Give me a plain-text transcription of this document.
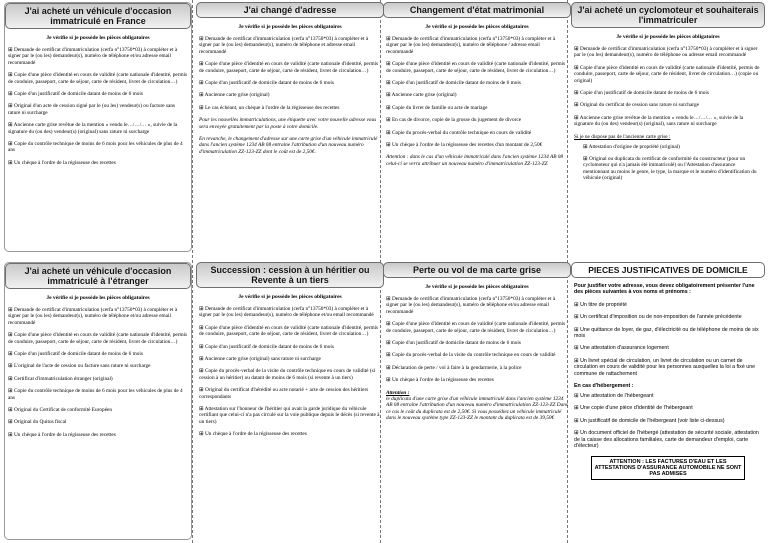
J'ai acheté un véhicule d'occasion immatriculé en France
Je vérifie si je possède les pièces obligatoires
⊞ Demande de certificat d'immatriculation (cerfa n°13750*03) à compléter et à signer par le (ou les) demandeur(s), numéro de téléphone et/ou adresse email recommandé
⊞ Copie d'une pièce d'identité en cours de validité (carte nationale d'identité, permis de conduire, passeport, carte de séjour, carte de résident, livret de circulation…)
⊞ Copie d'un justificatif de domicile datant de moins de 6 mois
⊞ Original d'un acte de cession signé par le (ou les) vendeur(s) ou facture sans rature ni surcharge
⊞ Ancienne carte grise revêtue de la mention « vendu le…/…/… », suivie de la signature du (ou des) vendeur(s) (original) sans rature ni surcharge
⊞ Copie du contrôle technique de moins de 6 mois pour les véhicules de plus de 4 ans
⊞ Un chèque à l'ordre de la régisseuse des recettes
J'ai acheté un véhicule d'occasion immatriculé à l'étranger
Je vérifie si je possède les pièces obligatoires
⊞ Demande de certificat d'immatriculation (cerfa n°13750*03) à compléter et à signer par le (ou les) demandeur(s), numéro de téléphone et/ou adresse email recommandé
⊞ Copie d'une pièce d'identité en cours de validité (carte nationale d'identité, permis de conduire, passeport, carte de séjour, carte de résident, livret de circulation…)
⊞ Copie d'un justificatif de domicile datant de moins de 6 mois
⊞ L'original de l'acte de cession ou facture sans rature ni surcharge
⊞ Certificat d'immatriculation étranger (original)
⊞ Copie du contrôle technique de moins de 6 mois pour les véhicules de plus de 4 ans
⊞ Original du Certificat de conformité Européen
⊞ Original du Quitus fiscal
⊞ Un chèque à l'ordre de la régisseuse des recettes
J'ai changé d'adresse
Je vérifie si je possède les pièces obligatoires
⊞ Demande de certificat d'immatriculation (cerfa n°13750*03) à compléter et à signer par le (ou les) demandeur(s), numéro de téléphone et adresse email recommandé
⊞ Copie d'une pièce d'identité en cours de validité (carte nationale d'identité, permis de conduire, passeport, carte de séjour, carte de résident, livret de circulation…)
⊞ Copie d'un justificatif de domicile datant de moins de 6 mois
⊞ Ancienne carte grise (original)
⊞ Le cas échéant, un chèque à l'ordre de la régisseuse des recettes
Pour les nouvelles immatriculations, une étiquette avec votre nouvelle adresse vous sera envoyée gratuitement par la poste à votre domicile.
En revanche, le changement d'adresse sur une carte grise d'un véhicule immatriculé dans l'ancien système 1234 AB 08 entraine l'attribution d'un nouveau numéro d'immatriculation ZZ-123-ZZ dont le coût est de 2,50€.
Succession : cession à un héritier ou Revente à un tiers
Je vérifie si je possède les pièces obligatoires
⊞ Demande de certificat d'immatriculation (cerfa n°13750*03) à compléter et à signer par le (ou les) demandeur(s), numéro de téléphone et/ou email recommandé
⊞ Copie d'une pièce d'identité en cours de validité (carte nationale d'identité, permis de conduire, passeport, carte de séjour, carte de résident, livret de circulation…)
⊞ Copie d'un justificatif de domicile datant de moins de 6 mois
⊞ Ancienne carte grise (original) sans rature ni surcharge
⊞ Copie du procès-verbal de la visite du contrôle technique en cours de validité (si cession à un héritier) ou datant de moins de 6 mois (si revente à un tiers)
⊞ Original du certificat d'hérédité ou acte notarié + acte de cession des héritiers correspondants
⊞ Attestation sur l'honneur de l'héritier qui avait la garde juridique du véhicule certifiant que celui-ci n'a pas circulé sur la voie publique depuis le décès (si revente à un tiers)
⊞ Un chèque à l'ordre de la régisseuse des recettes
Changement d'état matrimonial
Je vérifie si je possède les pièces obligatoires
⊞ Demande de certificat d'immatriculation (cerfa n°13750*03) à compléter et à signer par le (ou les) demandeur(s), numéro de téléphone / adresse email recommandé
⊞ Copie d'une pièce d'identité en cours de validité (carte nationale d'identité, permis de conduire, passeport, carte de séjour, carte de résident, livret de circulation…)
⊞ Copie d'un justificatif de domicile datant de moins de 6 mois
⊞ Ancienne carte grise (original)
⊞ Copie du livret de famille ou acte de mariage
⊞ En cas de divorce, copie de la grosse du jugement de divorce
⊞ Copie du procès-verbal du contrôle technique en cours de validité
⊞ Un chèque à l'ordre de la régisseuse des recettes d'un montant de 2,50€
Attention : dans le cas d'un véhicule immatriculé dans l'ancien système 1234 AB 08 celui-ci se verra attribuer un nouveau numéro d'immatriculation ZZ-123-ZZ
Perte ou vol de ma carte grise
Je vérifie si je possède les pièces obligatoires
⊞ Demande de certificat d'immatriculation (cerfa n°13750*03) à compléter et à signer par le (ou les) demandeur(s), numéro de téléphone et/ou adresse email recommandé
⊞ Copie d'une pièce d'identité en cours de validité (carte nationale d'identité, permis de conduire, passeport, carte de séjour, carte de résident, livret de circulation…)
⊞ Copie d'un justificatif de domicile datant de moins de 6 mois
⊞ Copie du procès-verbal de la visite du contrôle technique en cours de validité
⊞ Déclaration de perte / vol à faire à la gendarmerie, à la police
⊞ Un chèque à l'ordre de la régisseuse des recettes
Attention :
le duplicata d'une carte grise d'un véhicule immatriculé dans l'ancien système 1234 AB 08 entraîne l'attribution d'un nouveau numéro d'immatriculation ZZ-123-ZZ Dans ce cas le coût du duplicata est de 2,50€. Si vous possédiez un véhicule immatriculé dans le nouveau système type ZZ-123-ZZ le montant du duplicata est de 39,50€
J'ai acheté un cyclomoteur et souhaiterais l'immatriculer
Je vérifie si je possède les pièces obligatoires
⊞ Demande de certificat d'immatriculation (cerfa n°13750*03) à compléter et à signer par le (ou les) demandeur(s), numéro de téléphone ou adresse email recommandé
⊞ Copie d'une pièce d'identité en cours de validité (carte nationale d'identité, permis de conduire, passeport, carte de séjour, carte de résident, livret de circulation…) (copie ou original)
⊞ Copie d'un justificatif de domicile datant de moins de 6 mois
⊞ Original du certificat de cession sans rature ni surcharge
⊞ Ancienne carte grise revêtue de la mention « vendu le…/…/… », suivie de la signature du (ou des) vendeur(s) (original), sans rature ni surcharge
Si je ne dispose pas de l'ancienne carte grise :
⊞ Attestation d'origine de propriété (original)
⊞ Original ou duplicata du certificat de conformité du constructeur (pour un cyclomoteur qui n'a jamais été immatriculé) ou l'Attestation d'assurance mentionnant au moins le genre, le type, la marque et le numéro d'identification du véhicule (original)
PIECES JUSTIFICATIVES DE DOMICILE
Pour justifier votre adresse, vous devez obligatoirement présenter l'une des pièces suivantes à vos noms et prénoms :
⊞ Un titre de propriété
⊞ Un certificat d'imposition ou de non-imposition de l'année précédente
⊞ Une quittance de loyer, de gaz, d'électricité ou de téléphone de moins de six mois
⊞ Une attestation d'assurance logement
⊞ Un livret spécial de circulation, un livret de circulation ou un carnet de circulation en cours de validité pour les personnes auxquelles la loi a fixé une commune de rattachement
En cas d'hébergement :
⊞ Une attestation de l'hébergeant
⊞ Une copie d'une pièce d'identité de l'hébergeant
⊞ Un justificatif de domicile de l'hébergeant (voir liste ci-dessus)
⊞ Un document officiel de l'hébergé (attestation de sécurité sociale, attestation de la caisse des allocations familiales, carte de demandeur d'emploi, carte d'électeur)
ATTENTION : LES FACTURES D'EAU ET LES ATTESTATIONS D'ASSURANCE AUTOMOBILE NE SONT PAS ADMISES
